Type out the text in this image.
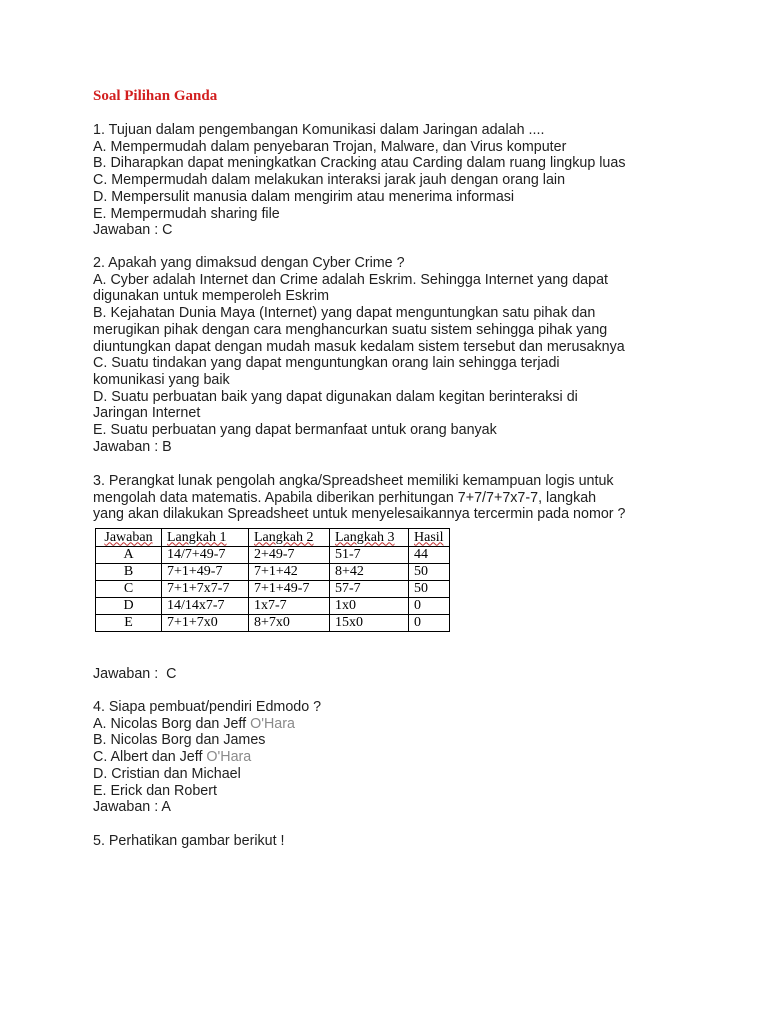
Soal Pilihan Ganda
1. Tujuan dalam pengembangan Komunikasi dalam Jaringan adalah ....
A. Mempermudah dalam penyebaran Trojan, Malware, dan Virus komputer
B. Diharapkan dapat meningkatkan Cracking atau Carding dalam ruang lingkup luas
C. Mempermudah dalam melakukan interaksi jarak jauh dengan orang lain
D. Mempersulit manusia dalam mengirim atau menerima informasi
E. Mempermudah sharing file
Jawaban : C
2. Apakah yang dimaksud dengan Cyber Crime ?
A. Cyber adalah Internet dan Crime adalah Eskrim. Sehingga Internet yang dapat
digunakan untuk memperoleh Eskrim
B. Kejahatan Dunia Maya (Internet) yang dapat menguntungkan satu pihak dan
merugikan pihak dengan cara menghancurkan suatu sistem sehingga pihak yang
diuntungkan dapat dengan mudah masuk kedalam sistem tersebut dan merusaknya
C. Suatu tindakan yang dapat menguntungkan orang lain sehingga terjadi
komunikasi yang baik
D. Suatu perbuatan baik yang dapat digunakan dalam kegitan berinteraksi di
Jaringan Internet
E. Suatu perbuatan yang dapat bermanfaat untuk orang banyak
Jawaban : B
3. Perangkat lunak pengolah angka/Spreadsheet memiliki kemampuan logis untuk
mengolah data matematis. Apabila diberikan perhitungan 7+7/7+7x7-7, langkah
yang akan dilakukan Spreadsheet untuk menyelesaikannya tercermin pada nomor ?
Jawaban	Langkah 1	Langkah 2	Langkah 3	Hasil
A	14/7+49-7	2+49-7	51-7	44
B	7+1+49-7	7+1+42	8+42	50
C	7+1+7x7-7	7+1+49-7	57-7	50
D	14/14x7-7	1x7-7	1x0	0
E	7+1+7x0	8+7x0	15x0	0
Jawaban :  C
4. Siapa pembuat/pendiri Edmodo ?
A. Nicolas Borg dan Jeff O'Hara
B. Nicolas Borg dan James
C. Albert dan Jeff O'Hara
D. Cristian dan Michael
E. Erick dan Robert
Jawaban : A
5. Perhatikan gambar berikut !
